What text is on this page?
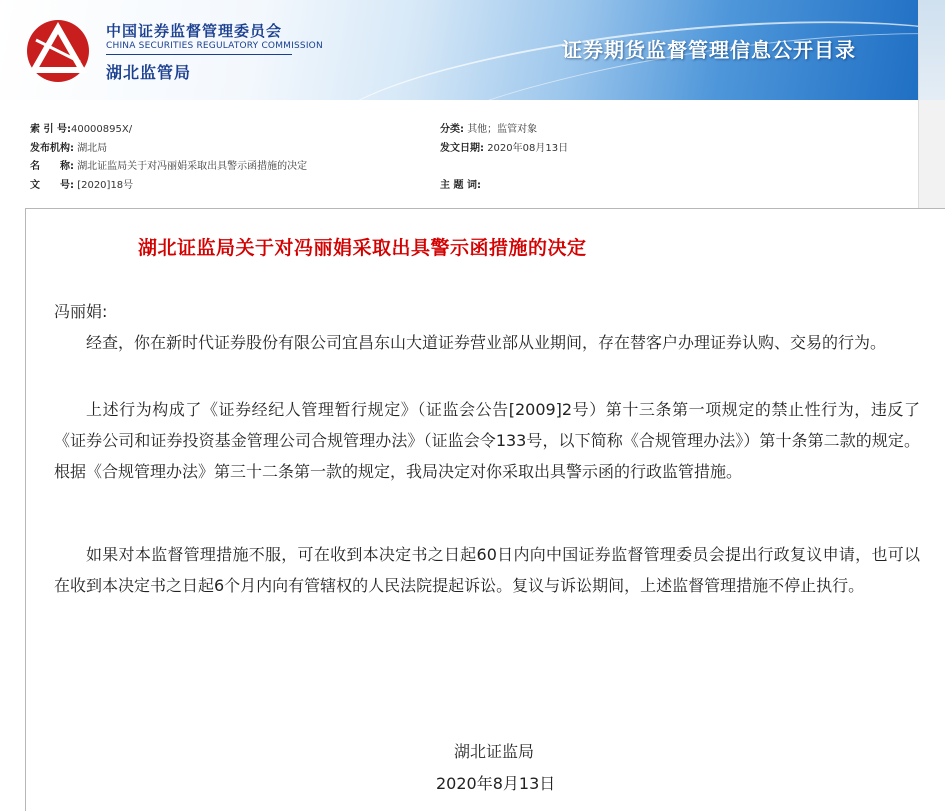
中国证券监督管理委员会
CHINA SECURITIES REGULATORY COMMISSION
湖北监管局
证券期货监督管理信息公开目录
索 引 号:40000895X/	分类: 其他；监管对象
发布机构: 湖北局	发文日期: 2020年08月13日
名　　称: 湖北证监局关于对冯丽娟采取出具警示函措施的决定
文　　号: [2020]18号	主 题 词:
湖北证监局关于对冯丽娟采取出具警示函措施的决定
冯丽娟:

经查，你在新时代证券股份有限公司宜昌东山大道证券营业部从业期间，存在替客户办理证券认购、交易的行为。

上述行为构成了《证券经纪人管理暂行规定》（证监会公告[2009]2号）第十三条第一项规定的禁止性行为，违反了《证券公司和证券投资基金管理公司合规管理办法》（证监会令133号，以下简称《合规管理办法》）第十条第二款的规定。根据《合规管理办法》第三十二条第一款的规定，我局决定对你采取出具警示函的行政监管措施。

如果对本监督管理措施不服，可在收到本决定书之日起60日内向中国证券监督管理委员会提出行政复议申请，也可以在收到本决定书之日起6个月内向有管辖权的人民法院提起诉讼。复议与诉讼期间，上述监督管理措施不停止执行。

湖北证监局
2020年8月13日
